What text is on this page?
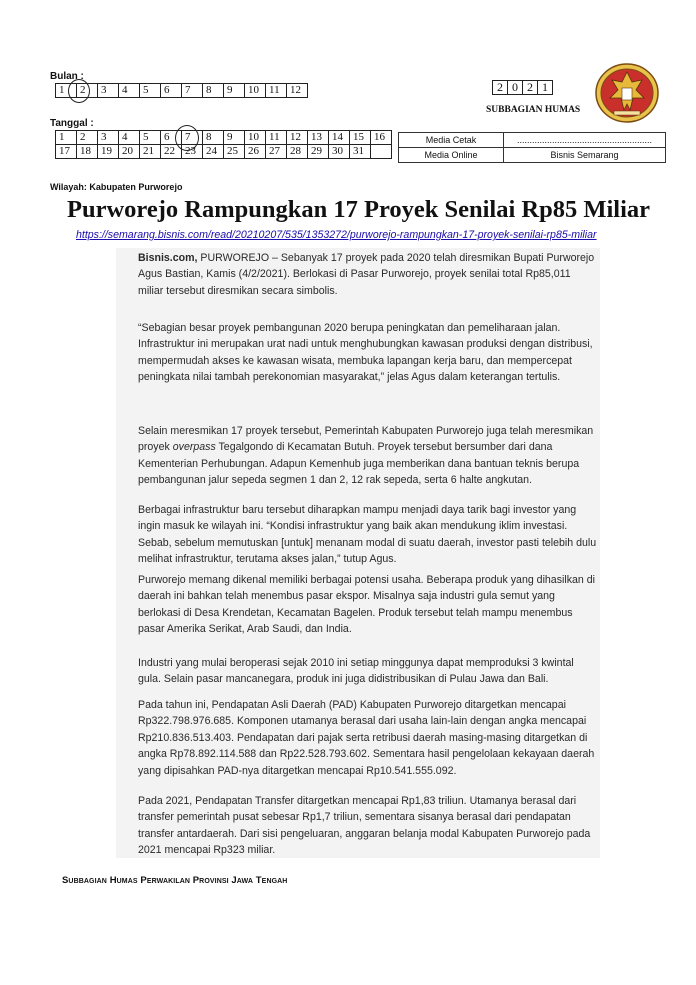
Bulan :
1	2	3	4	5	6	7	8	9	10	11	12
Tanggal :
1	2	3	4	5	6	7	8	9	10	11	12	13	14	15	16
17	18	19	20	21	22	23	24	25	26	27	28	29	30	31	
2	0	2	1
SUBBAGIAN HUMAS
Media Cetak	......................................................
Media Online	Bisnis Semarang
Wilayah: Kabupaten Purworejo
Purworejo Rampungkan 17 Proyek Senilai Rp85 Miliar
https://semarang.bisnis.com/read/20210207/535/1353272/purworejo-rampungkan-17-proyek-senilai-rp85-miliar
Bisnis.com, PURWOREJO – Sebanyak 17 proyek pada 2020 telah diresmikan Bupati Purworejo Agus Bastian, Kamis (4/2/2021). Berlokasi di Pasar Purworejo, proyek senilai total Rp85,011 miliar tersebut diresmikan secara simbolis.
“Sebagian besar proyek pembangunan 2020 berupa peningkatan dan pemeliharaan jalan. Infrastruktur ini merupakan urat nadi untuk menghubungkan kawasan produksi dengan distribusi, mempermudah akses ke kawasan wisata, membuka lapangan kerja baru, dan mempercepat peningkata nilai tambah perekonomian masyarakat,” jelas Agus dalam keterangan tertulis.
Selain meresmikan 17 proyek tersebut, Pemerintah Kabupaten Purworejo juga telah meresmikan proyek overpass Tegalgondo di Kecamatan Butuh. Proyek tersebut bersumber dari dana Kementerian Perhubungan. Adapun Kemenhub juga memberikan dana bantuan teknis berupa pembangunan jalur sepeda segmen 1 dan 2, 12 rak sepeda, serta 6 halte angkutan.
Berbagai infrastruktur baru tersebut diharapkan mampu menjadi daya tarik bagi investor yang ingin masuk ke wilayah ini. “Kondisi infrastruktur yang baik akan mendukung iklim investasi. Sebab, sebelum memutuskan [untuk] menanam modal di suatu daerah, investor pasti telebih dulu melihat infrastruktur, terutama akses jalan,” tutup Agus.
Purworejo memang dikenal memiliki berbagai potensi usaha. Beberapa produk yang dihasilkan di daerah ini bahkan telah menembus pasar ekspor. Misalnya saja industri gula semut yang berlokasi di Desa Krendetan, Kecamatan Bagelen. Produk tersebut telah mampu menembus pasar Amerika Serikat, Arab Saudi, dan India.
Industri yang mulai beroperasi sejak 2010 ini setiap minggunya dapat memproduksi 3 kwintal gula. Selain pasar mancanegara, produk ini juga didistribusikan di Pulau Jawa dan Bali.
Pada tahun ini, Pendapatan Asli Daerah (PAD) Kabupaten Purworejo ditargetkan mencapai Rp322.798.976.685. Komponen utamanya berasal dari usaha lain-lain dengan angka mencapai Rp210.836.513.403. Pendapatan dari pajak serta retribusi daerah masing-masing ditargetkan di angka Rp78.892.114.588 dan Rp22.528.793.602. Sementara hasil pengelolaan kekayaan daerah yang dipisahkan PAD-nya ditargetkan mencapai Rp10.541.555.092.
Pada 2021, Pendapatan Transfer ditargetkan mencapai Rp1,83 triliun. Utamanya berasal dari transfer pemerintah pusat sebesar Rp1,7 triliun, sementara sisanya berasal dari pendapatan transfer antardaerah. Dari sisi pengeluaran, anggaran belanja modal Kabupaten Purworejo pada 2021 mencapai Rp323 miliar.
Subbagian Humas Perwakilan Provinsi Jawa Tengah
